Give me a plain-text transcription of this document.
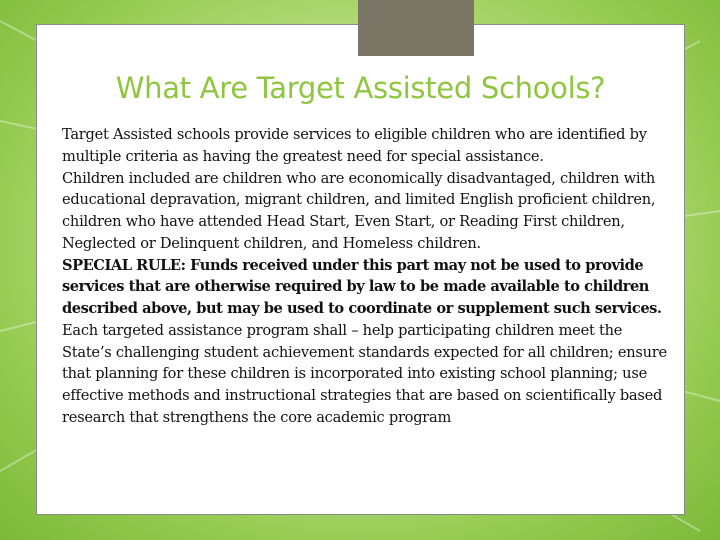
What Are Target Assisted Schools?

Target Assisted schools provide services to eligible children who are identified by multiple criteria as having the greatest need for special assistance.

Children included are children who are economically disadvantaged, children with educational depravation, migrant children, and limited English proficient children, children who have attended Head Start, Even Start, or Reading First children, Neglected or Delinquent children, and Homeless children.

SPECIAL RULE: Funds received under this part may not be used to provide services that are otherwise required by law to be made available to children described above, but may be used to coordinate or supplement such services.

Each targeted assistance program shall – help participating children meet the State’s challenging student achievement standards expected for all children; ensure that planning for these children is incorporated into existing school planning; use effective methods and instructional strategies that are based on scientifically based research that strengthens the core academic program
